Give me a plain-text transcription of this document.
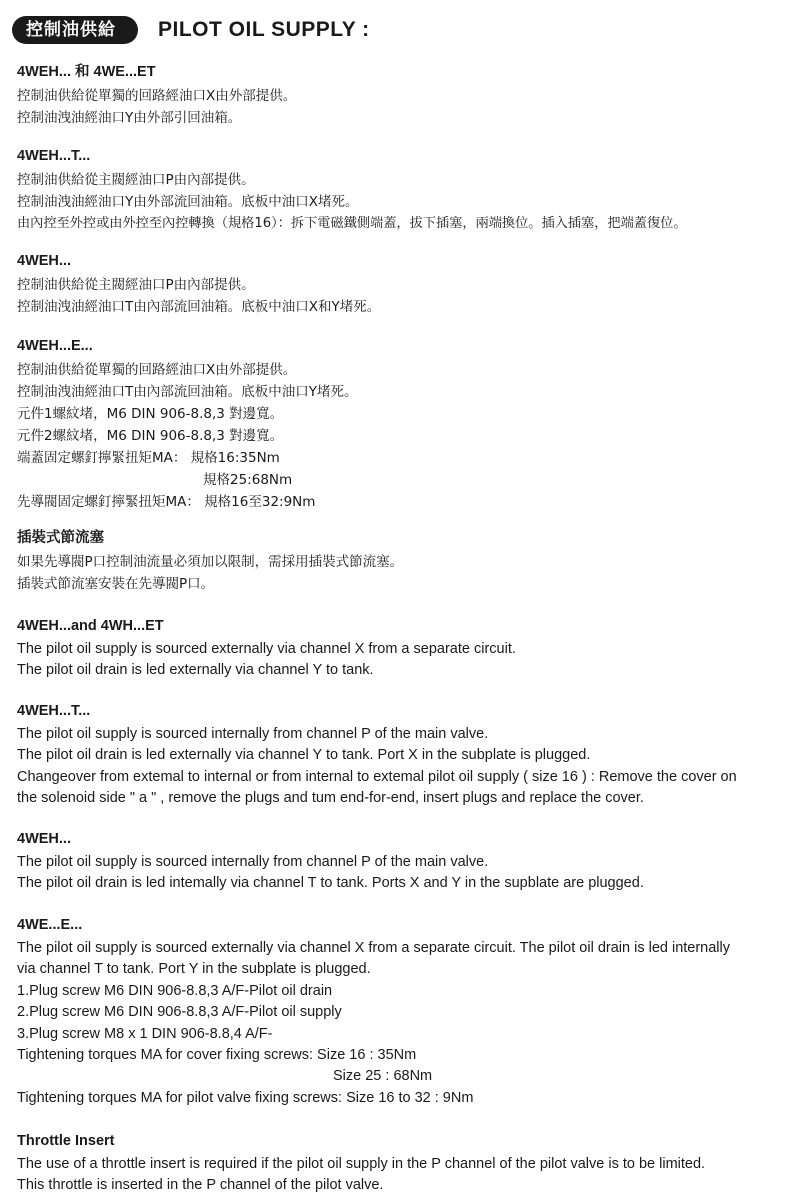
控制油供給	PILOT OIL SUPPLY :
4WEH... 和 4WE...ET
控制油供給從單獨的回路經油口X由外部提供。
控制油洩油經油口Y由外部引回油箱。
4WEH...T...
控制油供給從主閥經油口P由內部提供。
控制油洩油經油口Y由外部流回油箱。底板中油口X堵死。
由內控至外控或由外控至內控轉換（規格16）：拆下電磁鐵側端蓋，拔下插塞，兩端換位。插入插塞，把端蓋復位。
4WEH...
控制油供給從主閥經油口P由內部提供。
控制油洩油經油口T由內部流回油箱。底板中油口X和Y堵死。
4WEH...E...
控制油供給從單獨的回路經油口X由外部提供。
控制油洩油經油口T由內部流回油箱。底板中油口Y堵死。
元件1螺紋堵，M6 DIN 906-8.8,3 對邊寬。
元件2螺紋堵，M6 DIN 906-8.8,3 對邊寬。
端蓋固定螺釘擰緊扭矩MA： 規格16:35Nm
規格25:68Nm
先導閥固定螺釘擰緊扭矩MA： 規格16至32:9Nm
插裝式節流塞
如果先導閥P口控制油流量必須加以限制，需採用插裝式節流塞。
插裝式節流塞安裝在先導閥P口。
4WEH...and 4WH...ET
The pilot oil supply is sourced externally via channel X from a separate circuit.
The pilot oil drain is led externally via channel Y to tank.
4WEH...T...
The pilot oil supply is sourced internally from channel P of the main valve.
The pilot oil drain is led externally via channel Y to tank. Port X in the subplate is plugged.
Changeover from extemal to internal or from internal to extemal pilot oil supply ( size 16 ) : Remove the cover on
the solenoid side " a " , remove the plugs and tum end-for-end, insert plugs and replace the cover.
4WEH...
The pilot oil supply is sourced internally from channel P of the main valve.
The pilot oil drain is led intemally via channel T to tank. Ports X and Y in the supblate are plugged.
4WE...E...
The pilot oil supply is sourced externally via channel X from a separate circuit. The pilot oil drain is led internally
via channel T to tank. Port Y in the subplate is plugged.
1.Plug screw M6 DIN 906-8.8,3 A/F-Pilot oil drain
2.Plug screw M6 DIN 906-8.8,3 A/F-Pilot oil supply
3.Plug screw M8 x 1 DIN 906-8.8,4 A/F-
Tightening torques MA for cover fixing screws: Size 16 : 35Nm
Size 25 : 68Nm
Tightening torques MA for pilot valve fixing screws: Size 16 to 32 : 9Nm
Throttle Insert
The use of a throttle insert is required if the pilot oil supply in the P channel of the pilot valve is to be limited.
This throttle is inserted in the P channel of the pilot valve.
